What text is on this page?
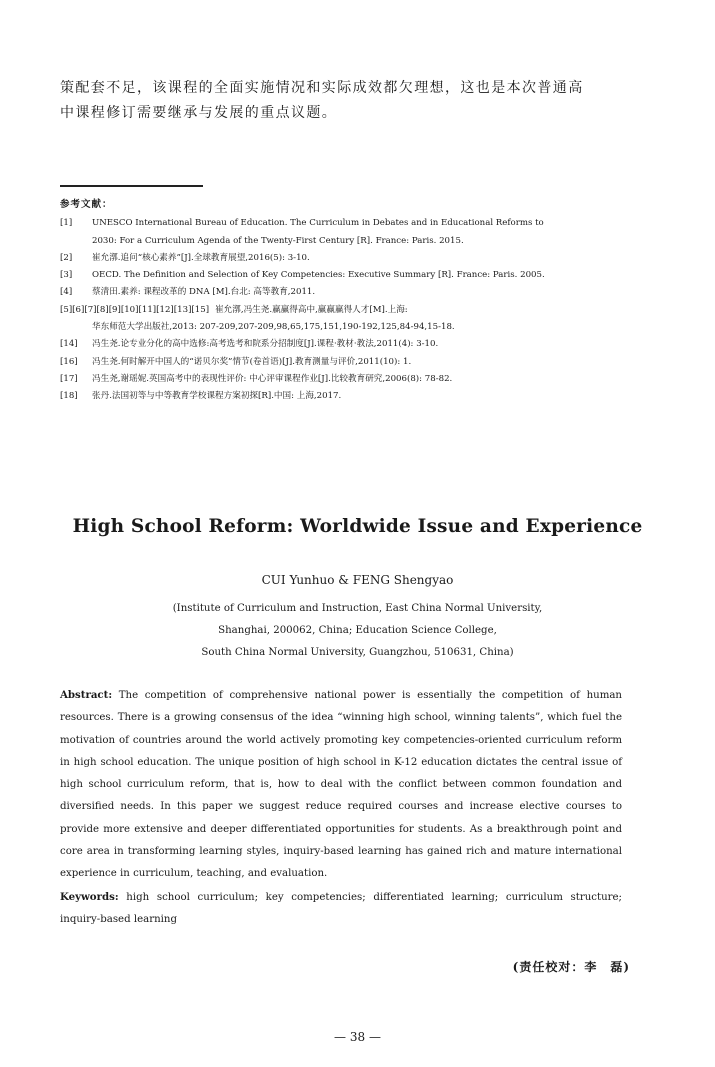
策配套不足，该课程的全面实施情况和实际成效都欠理想，这也是本次普通高

中课程修订需要继承与发展的重点议题。

参考文献：
[1]	UNESCO International Bureau of Education. The Curriculum in Debates and in Educational Reforms to
2030: For a Curriculum Agenda of the Twenty-First Century [R]. France: Paris. 2015.
[2]	崔允漷.追问“核心素养”[J].全球教育展望,2016(5): 3-10.
[3]	OECD. The Definition and Selection of Key Competencies: Executive Summary [R]. France: Paris. 2005.
[4]	蔡清田.素养: 课程改革的 DNA [M].台北: 高等教育,2011.
[5][6][7][8][9][10][11][12][13][15] 崔允漷,冯生尧.赢赢得高中,赢赢赢得人才[M].上海:
华东师范大学出版社,2013: 207-209,207-209,98,65,175,151,190-192,125,84-94,15-18.
[14]	冯生尧.论专业分化的高中选修:高考选考和院系分招制度[J].课程·教材·教法,2011(4): 3-10.
[16]	冯生尧.何时解开中国人的“诺贝尔奖”情节(卷首语)[J].教育测量与评价,2011(10): 1.
[17]	冯生尧,谢瑶妮.英国高考中的表现性评价: 中心评审课程作业[J].比较教育研究,2006(8): 78-82.
[18]	张丹.法国初等与中等教育学校课程方案初探[R].中国: 上海,2017.
High School Reform: Worldwide Issue and Experience

CUI Yunhuo & FENG Shengyao

(Institute of Curriculum and Instruction, East China Normal University,
Shanghai, 200062, China; Education Science College,
South China Normal University, Guangzhou, 510631, China)

Abstract: The competition of comprehensive national power is essentially the competition of human resources. There is a growing consensus of the idea “winning high school, winning talents”, which fuel the motivation of countries around the world actively promoting key competencies-oriented curriculum reform in high school education. The unique position of high school in K-12 education dictates the central issue of high school curriculum reform, that is, how to deal with the conflict between common foundation and diversified needs. In this paper we suggest reduce required courses and increase elective courses to provide more extensive and deeper differentiated opportunities for students. As a breakthrough point and core area in transforming learning styles, inquiry-based learning has gained rich and mature international experience in curriculum, teaching, and evaluation.

Keywords: high school curriculum; key competencies; differentiated learning; curriculum structure; inquiry-based learning

(责任校对：李　磊)

— 38 —
